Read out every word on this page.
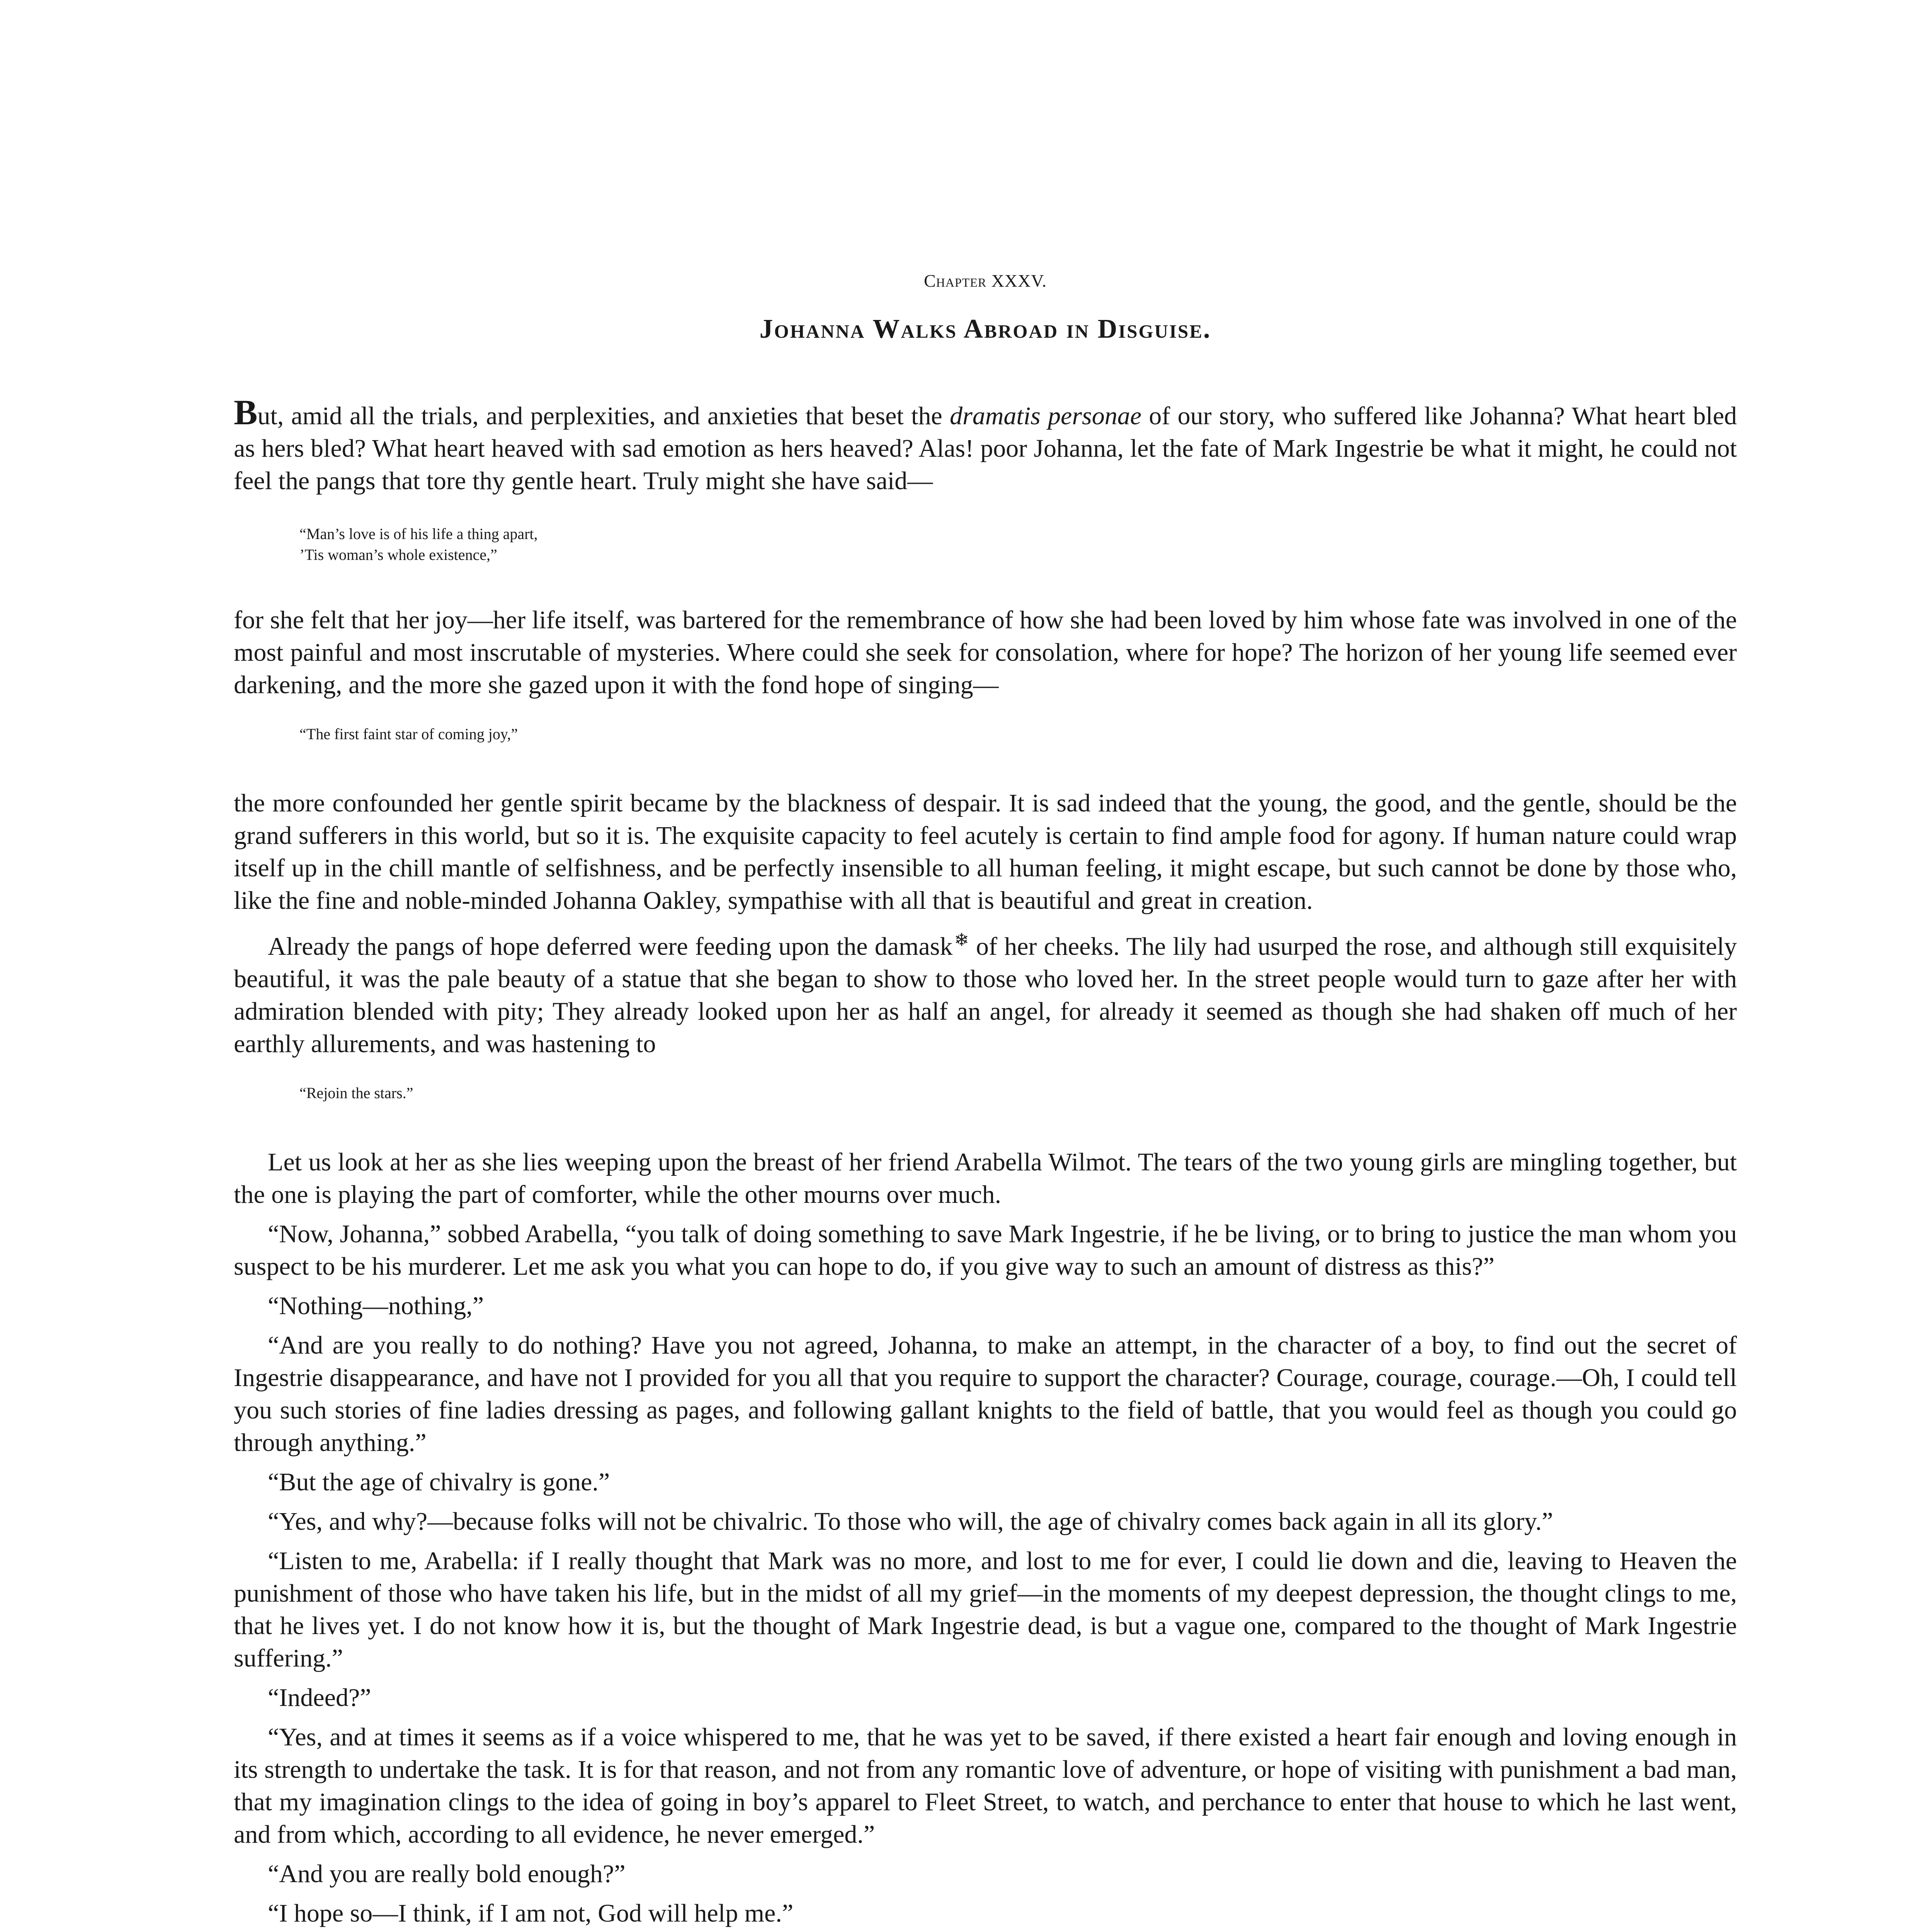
Chapter XXXV.
Johanna Walks Abroad in Disguise.

But, amid all the trials, and perplexities, and anxieties that beset the dramatis personae of our story, who suffered like Johanna? What heart bled as hers bled? What heart heaved with sad emotion as hers heaved? Alas! poor Johanna, let the fate of Mark Ingestrie be what it might, he could not feel the pangs that tore thy gentle heart. Truly might she have said—

“Man’s love is of his life a thing apart,
’Tis woman’s whole existence,”

for she felt that her joy—her life itself, was bartered for the remembrance of how she had been loved by him whose fate was involved in one of the most painful and most inscrutable of mysteries. Where could she seek for consolation, where for hope? The horizon of her young life seemed ever darkening, and the more she gazed upon it with the fond hope of singing—

“The first faint star of coming joy,”

the more confounded her gentle spirit became by the blackness of despair. It is sad indeed that the young, the good, and the gentle, should be the grand sufferers in this world, but so it is. The exquisite capacity to feel acutely is certain to find ample food for agony. If human nature could wrap itself up in the chill mantle of selfishness, and be perfectly insensible to all human feeling, it might escape, but such cannot be done by those who, like the fine and noble-minded Johanna Oakley, sympathise with all that is beautiful and great in creation.

Already the pangs of hope deferred were feeding upon the damask❄ of her cheeks. The lily had usurped the rose, and although still exquisitely beautiful, it was the pale beauty of a statue that she began to show to those who loved her. In the street people would turn to gaze after her with admiration blended with pity; They already looked upon her as half an angel, for already it seemed as though she had shaken off much of her earthly allurements, and was hastening to

“Rejoin the stars.”

Let us look at her as she lies weeping upon the breast of her friend Arabella Wilmot. The tears of the two young girls are mingling together, but the one is playing the part of comforter, while the other mourns over much.

“Now, Johanna,” sobbed Arabella, “you talk of doing something to save Mark Ingestrie, if he be living, or to bring to justice the man whom you suspect to be his murderer. Let me ask you what you can hope to do, if you give way to such an amount of distress as this?”

“Nothing—nothing,”

“And are you really to do nothing? Have you not agreed, Johanna, to make an attempt, in the character of a boy, to find out the secret of Ingestrie disappearance, and have not I provided for you all that you require to support the character? Courage, courage, courage.—Oh, I could tell you such stories of fine ladies dressing as pages, and following gallant knights to the field of battle, that you would feel as though you could go through anything.”

“But the age of chivalry is gone.”

“Yes, and why?—because folks will not be chivalric. To those who will, the age of chivalry comes back again in all its glory.”

“Listen to me, Arabella: if I really thought that Mark was no more, and lost to me for ever, I could lie down and die, leaving to Heaven the punishment of those who have taken his life, but in the midst of all my grief—in the moments of my deepest depression, the thought clings to me, that he lives yet. I do not know how it is, but the thought of Mark Ingestrie dead, is but a vague one, compared to the thought of Mark Ingestrie suffering.”

“Indeed?”

“Yes, and at times it seems as if a voice whispered to me, that he was yet to be saved, if there existed a heart fair enough and loving enough in its strength to undertake the task. It is for that reason, and not from any romantic love of adventure, or hope of visiting with punishment a bad man, that my imagination clings to the idea of going in boy’s apparel to Fleet Street, to watch, and perchance to enter that house to which he last went, and from which, according to all evidence, he never emerged.”

“And you are really bold enough?”

“I hope so—I think, if I am not, God will help me.”
